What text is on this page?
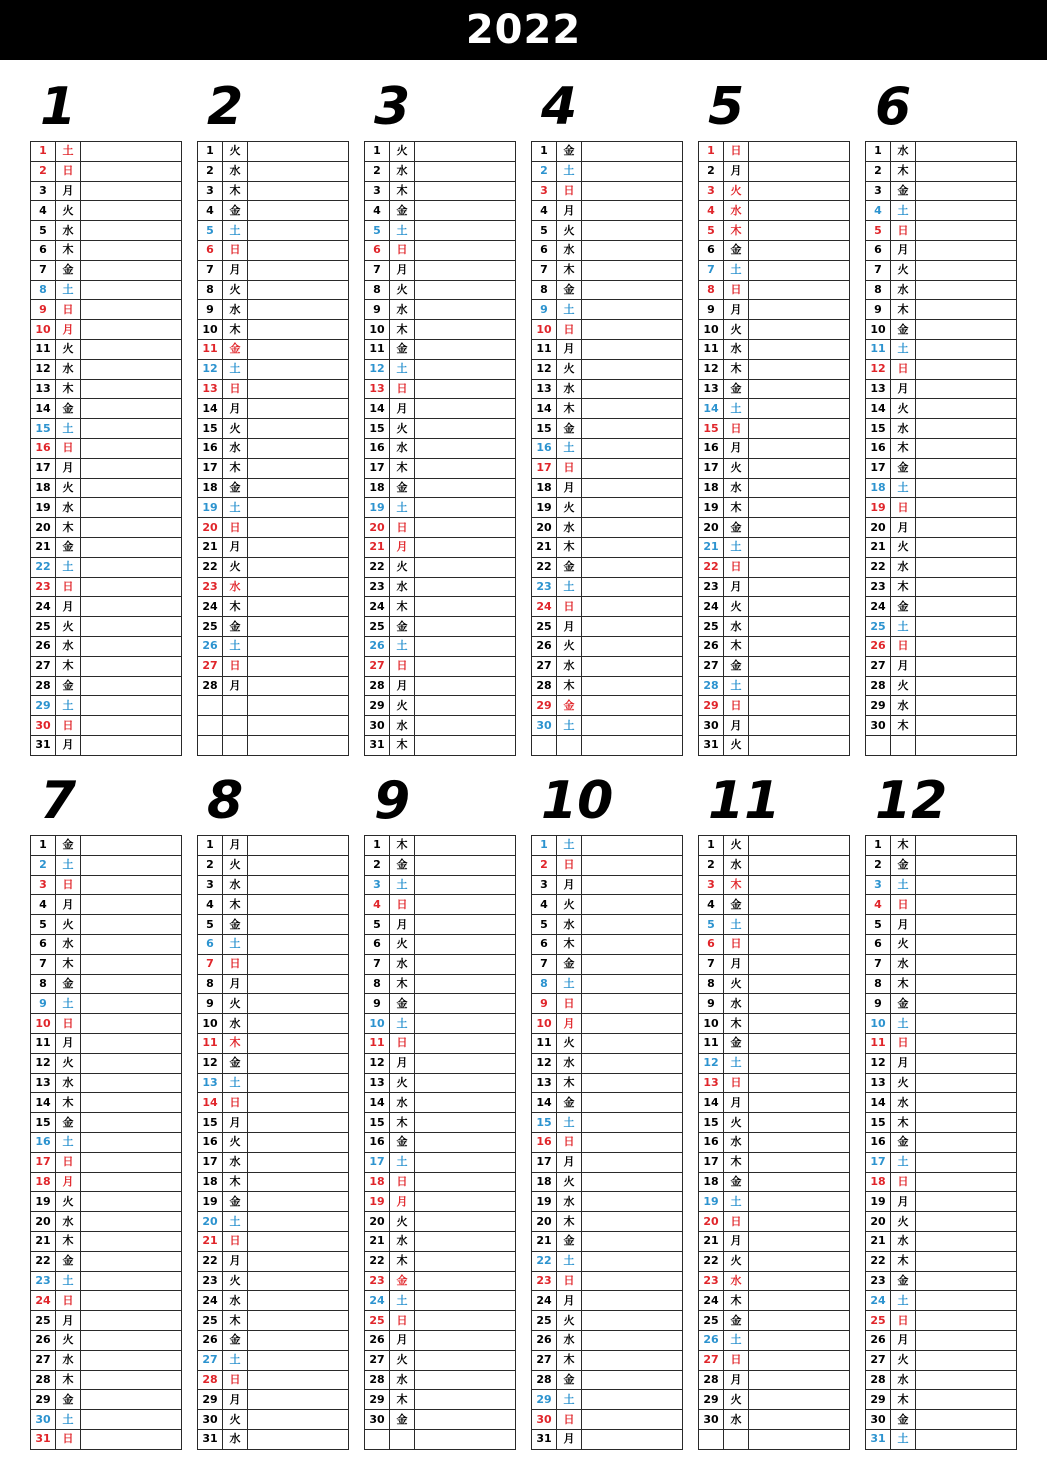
2022
1
1	土	
2	日	
3	月	
4	火	
5	水	
6	木	
7	金	
8	土	
9	日	
10	月	
11	火	
12	水	
13	木	
14	金	
15	土	
16	日	
17	月	
18	火	
19	水	
20	木	
21	金	
22	土	
23	日	
24	月	
25	火	
26	水	
27	木	
28	金	
29	土	
30	日	
31	月	
2
1	火	
2	水	
3	木	
4	金	
5	土	
6	日	
7	月	
8	火	
9	水	
10	木	
11	金	
12	土	
13	日	
14	月	
15	火	
16	水	
17	木	
18	金	
19	土	
20	日	
21	月	
22	火	
23	水	
24	木	
25	金	
26	土	
27	日	
28	月	

3
1	火	
2	水	
3	木	
4	金	
5	土	
6	日	
7	月	
8	火	
9	水	
10	木	
11	金	
12	土	
13	日	
14	月	
15	火	
16	水	
17	木	
18	金	
19	土	
20	日	
21	月	
22	火	
23	水	
24	木	
25	金	
26	土	
27	日	
28	月	
29	火	
30	水	
31	木	
4
1	金	
2	土	
3	日	
4	月	
5	火	
6	水	
7	木	
8	金	
9	土	
10	日	
11	月	
12	火	
13	水	
14	木	
15	金	
16	土	
17	日	
18	月	
19	火	
20	水	
21	木	
22	金	
23	土	
24	日	
25	月	
26	火	
27	水	
28	木	
29	金	
30	土	

5
1	日	
2	月	
3	火	
4	水	
5	木	
6	金	
7	土	
8	日	
9	月	
10	火	
11	水	
12	木	
13	金	
14	土	
15	日	
16	月	
17	火	
18	水	
19	木	
20	金	
21	土	
22	日	
23	月	
24	火	
25	水	
26	木	
27	金	
28	土	
29	日	
30	月	
31	火	
6
1	水	
2	木	
3	金	
4	土	
5	日	
6	月	
7	火	
8	水	
9	木	
10	金	
11	土	
12	日	
13	月	
14	火	
15	水	
16	木	
17	金	
18	土	
19	日	
20	月	
21	火	
22	水	
23	木	
24	金	
25	土	
26	日	
27	月	
28	火	
29	水	
30	木	

7
1	金	
2	土	
3	日	
4	月	
5	火	
6	水	
7	木	
8	金	
9	土	
10	日	
11	月	
12	火	
13	水	
14	木	
15	金	
16	土	
17	日	
18	月	
19	火	
20	水	
21	木	
22	金	
23	土	
24	日	
25	月	
26	火	
27	水	
28	木	
29	金	
30	土	
31	日	
8
1	月	
2	火	
3	水	
4	木	
5	金	
6	土	
7	日	
8	月	
9	火	
10	水	
11	木	
12	金	
13	土	
14	日	
15	月	
16	火	
17	水	
18	木	
19	金	
20	土	
21	日	
22	月	
23	火	
24	水	
25	木	
26	金	
27	土	
28	日	
29	月	
30	火	
31	水	
9
1	木	
2	金	
3	土	
4	日	
5	月	
6	火	
7	水	
8	木	
9	金	
10	土	
11	日	
12	月	
13	火	
14	水	
15	木	
16	金	
17	土	
18	日	
19	月	
20	火	
21	水	
22	木	
23	金	
24	土	
25	日	
26	月	
27	火	
28	水	
29	木	
30	金	

10
1	土	
2	日	
3	月	
4	火	
5	水	
6	木	
7	金	
8	土	
9	日	
10	月	
11	火	
12	水	
13	木	
14	金	
15	土	
16	日	
17	月	
18	火	
19	水	
20	木	
21	金	
22	土	
23	日	
24	月	
25	火	
26	水	
27	木	
28	金	
29	土	
30	日	
31	月	
11
1	火	
2	水	
3	木	
4	金	
5	土	
6	日	
7	月	
8	火	
9	水	
10	木	
11	金	
12	土	
13	日	
14	月	
15	火	
16	水	
17	木	
18	金	
19	土	
20	日	
21	月	
22	火	
23	水	
24	木	
25	金	
26	土	
27	日	
28	月	
29	火	
30	水	

12
1	木	
2	金	
3	土	
4	日	
5	月	
6	火	
7	水	
8	木	
9	金	
10	土	
11	日	
12	月	
13	火	
14	水	
15	木	
16	金	
17	土	
18	日	
19	月	
20	火	
21	水	
22	木	
23	金	
24	土	
25	日	
26	月	
27	火	
28	水	
29	木	
30	金	
31	土	
